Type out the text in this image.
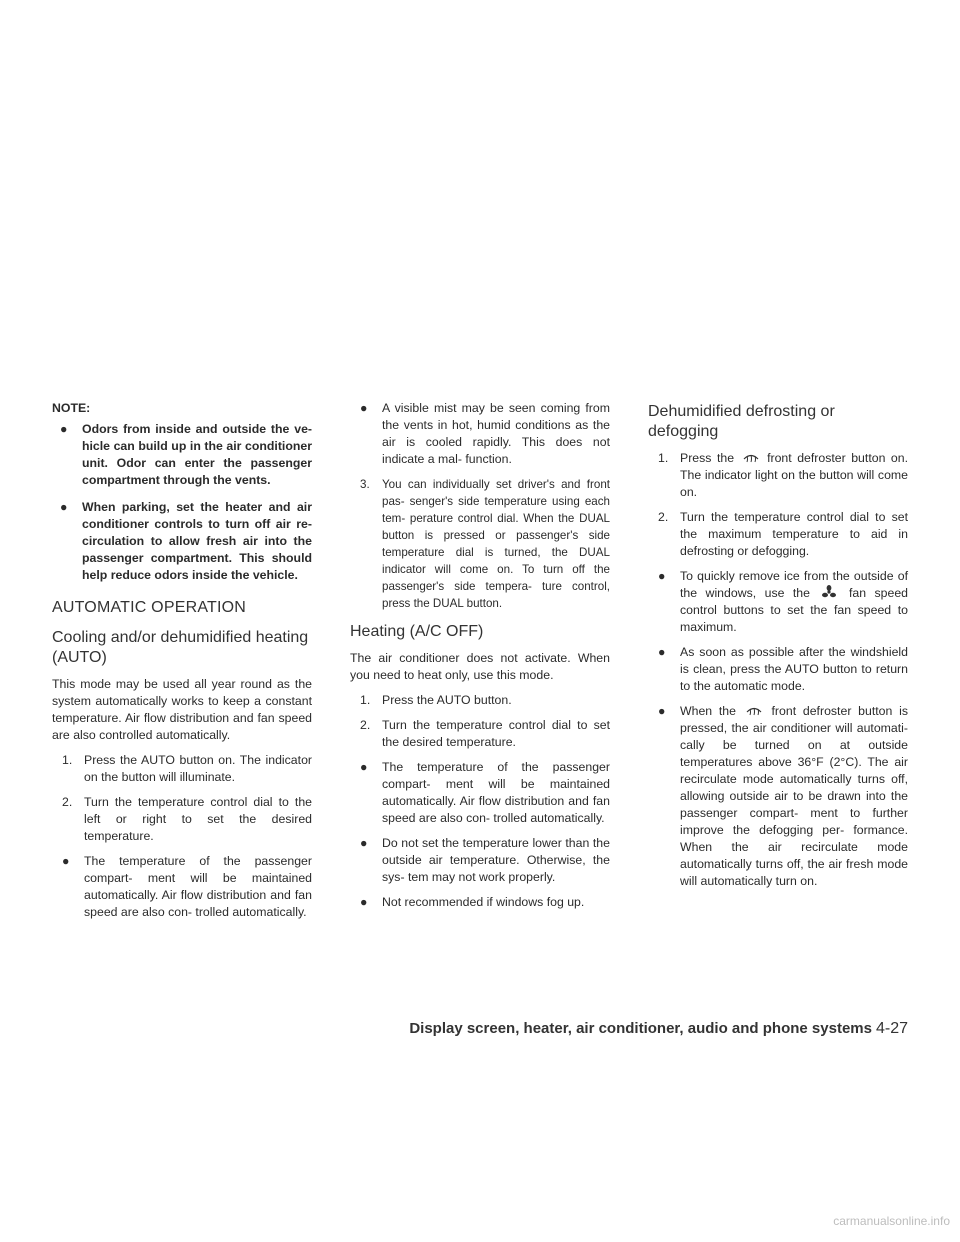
NOTE:
● Odors from inside and outside the ve- hicle can build up in the air conditioner unit. Odor can enter the passenger compartment through the vents.
● When parking, set the heater and air conditioner controls to turn off air re- circulation to allow fresh air into the passenger compartment. This should help reduce odors inside the vehicle.
AUTOMATIC OPERATION
Cooling and/or dehumidified heating (AUTO)
This mode may be used all year round as the system automatically works to keep a constant temperature. Air flow distribution and fan speed are also controlled automatically.
1. Press the AUTO button on. The indicator on the button will illuminate.
2. Turn the temperature control dial to the left or right to set the desired temperature.
● The temperature of the passenger compart- ment will be maintained automatically. Air flow distribution and fan speed are also con- trolled automatically.
● A visible mist may be seen coming from the vents in hot, humid conditions as the air is cooled rapidly. This does not indicate a mal- function.
3. You can individually set driver's and front pas- senger's side temperature using each tem- perature control dial. When the DUAL button is pressed or passenger's side temperature dial is turned, the DUAL indicator will come on. To turn off the passenger's side tempera- ture control, press the DUAL button.
Heating (A/C OFF)
The air conditioner does not activate. When you need to heat only, use this mode.
1. Press the AUTO button.
2. Turn the temperature control dial to set the desired temperature.
● The temperature of the passenger compart- ment will be maintained automatically. Air flow distribution and fan speed are also con- trolled automatically.
● Do not set the temperature lower than the outside air temperature. Otherwise, the sys- tem may not work properly.
● Not recommended if windows fog up.
Dehumidified defrosting or defogging
1. Press the	front defroster button on. The indicator light on the button will come on.
2. Turn the temperature control dial to set the maximum temperature to aid in defrosting or defogging.
● To quickly remove ice from the outside of the windows, use the	fan speed control buttons to set the fan speed to maximum.
● As soon as possible after the windshield is clean, press the AUTO button to return to the automatic mode.
● When the	front defroster button is pressed, the air conditioner will automati- cally be turned on at outside temperatures above 36°F (2°C). The air recirculate mode automatically turns off, allowing outside air to be drawn into the passenger compart- ment to further improve the defogging per- formance. When the air recirculate mode automatically turns off, the air fresh mode will automatically turn on.
Display screen, heater, air conditioner, audio and phone systems 4-27
carmanualsonline.info
